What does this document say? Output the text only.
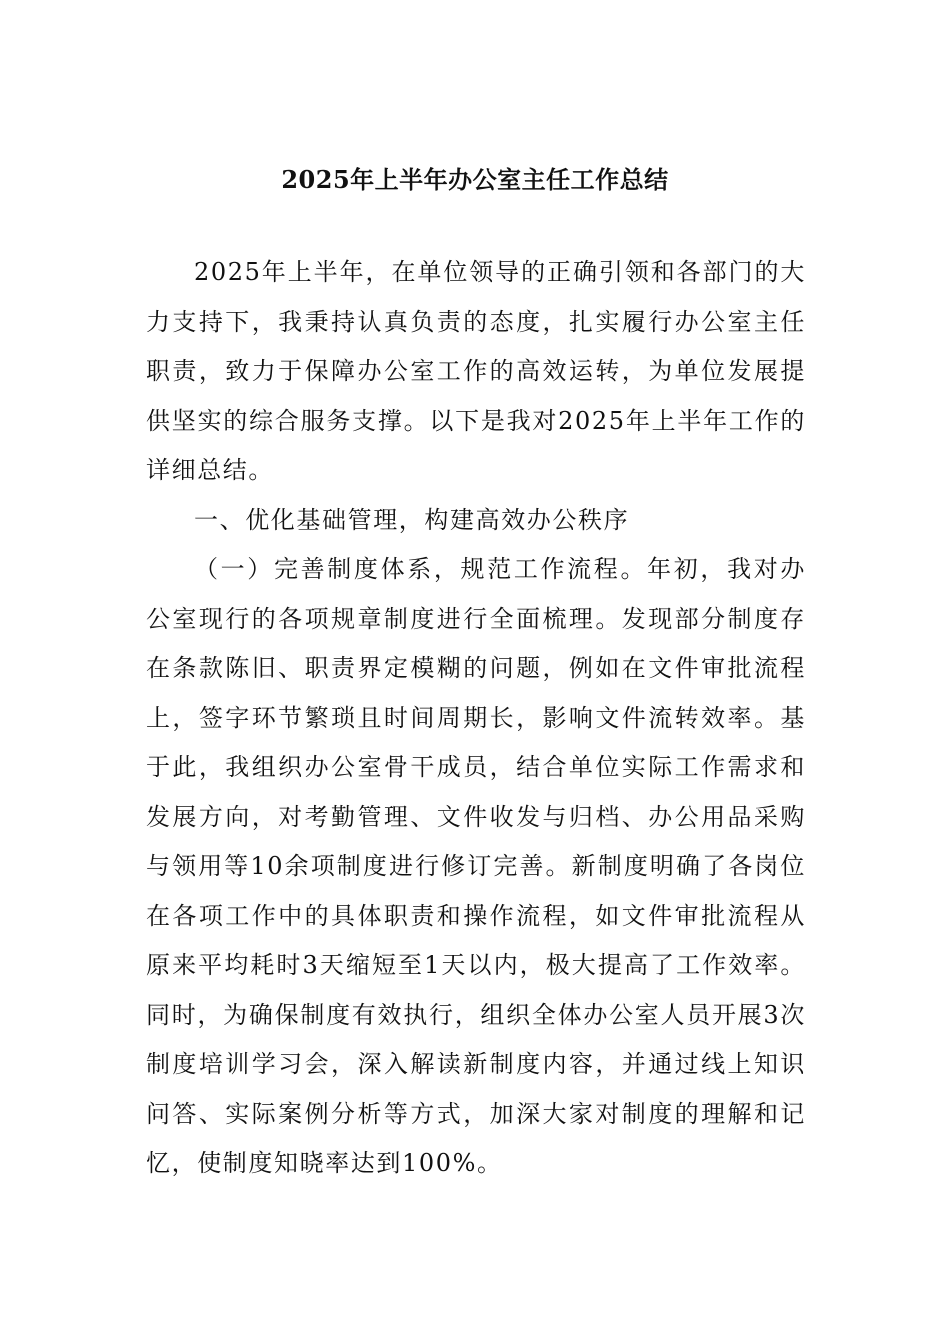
2025年上半年办公室主任工作总结

2025年上半年，在单位领导的正确引领和各部门的大力支持下，我秉持认真负责的态度，扎实履行办公室主任职责，致力于保障办公室工作的高效运转，为单位发展提供坚实的综合服务支撑。以下是我对2025年上半年工作的详细总结。

一、优化基础管理，构建高效办公秩序

（一）完善制度体系，规范工作流程。年初，我对办公室现行的各项规章制度进行全面梳理。发现部分制度存在条款陈旧、职责界定模糊的问题，例如在文件审批流程上，签字环节繁琐且时间周期长，影响文件流转效率。基于此，我组织办公室骨干成员，结合单位实际工作需求和发展方向，对考勤管理、文件收发与归档、办公用品采购与领用等10余项制度进行修订完善。新制度明确了各岗位在各项工作中的具体职责和操作流程，如文件审批流程从原来平均耗时3天缩短至1天以内，极大提高了工作效率。同时，为确保制度有效执行，组织全体办公室人员开展3次制度培训学习会，深入解读新制度内容，并通过线上知识问答、实际案例分析等方式，加深大家对制度的理解和记忆，使制度知晓率达到100%。
